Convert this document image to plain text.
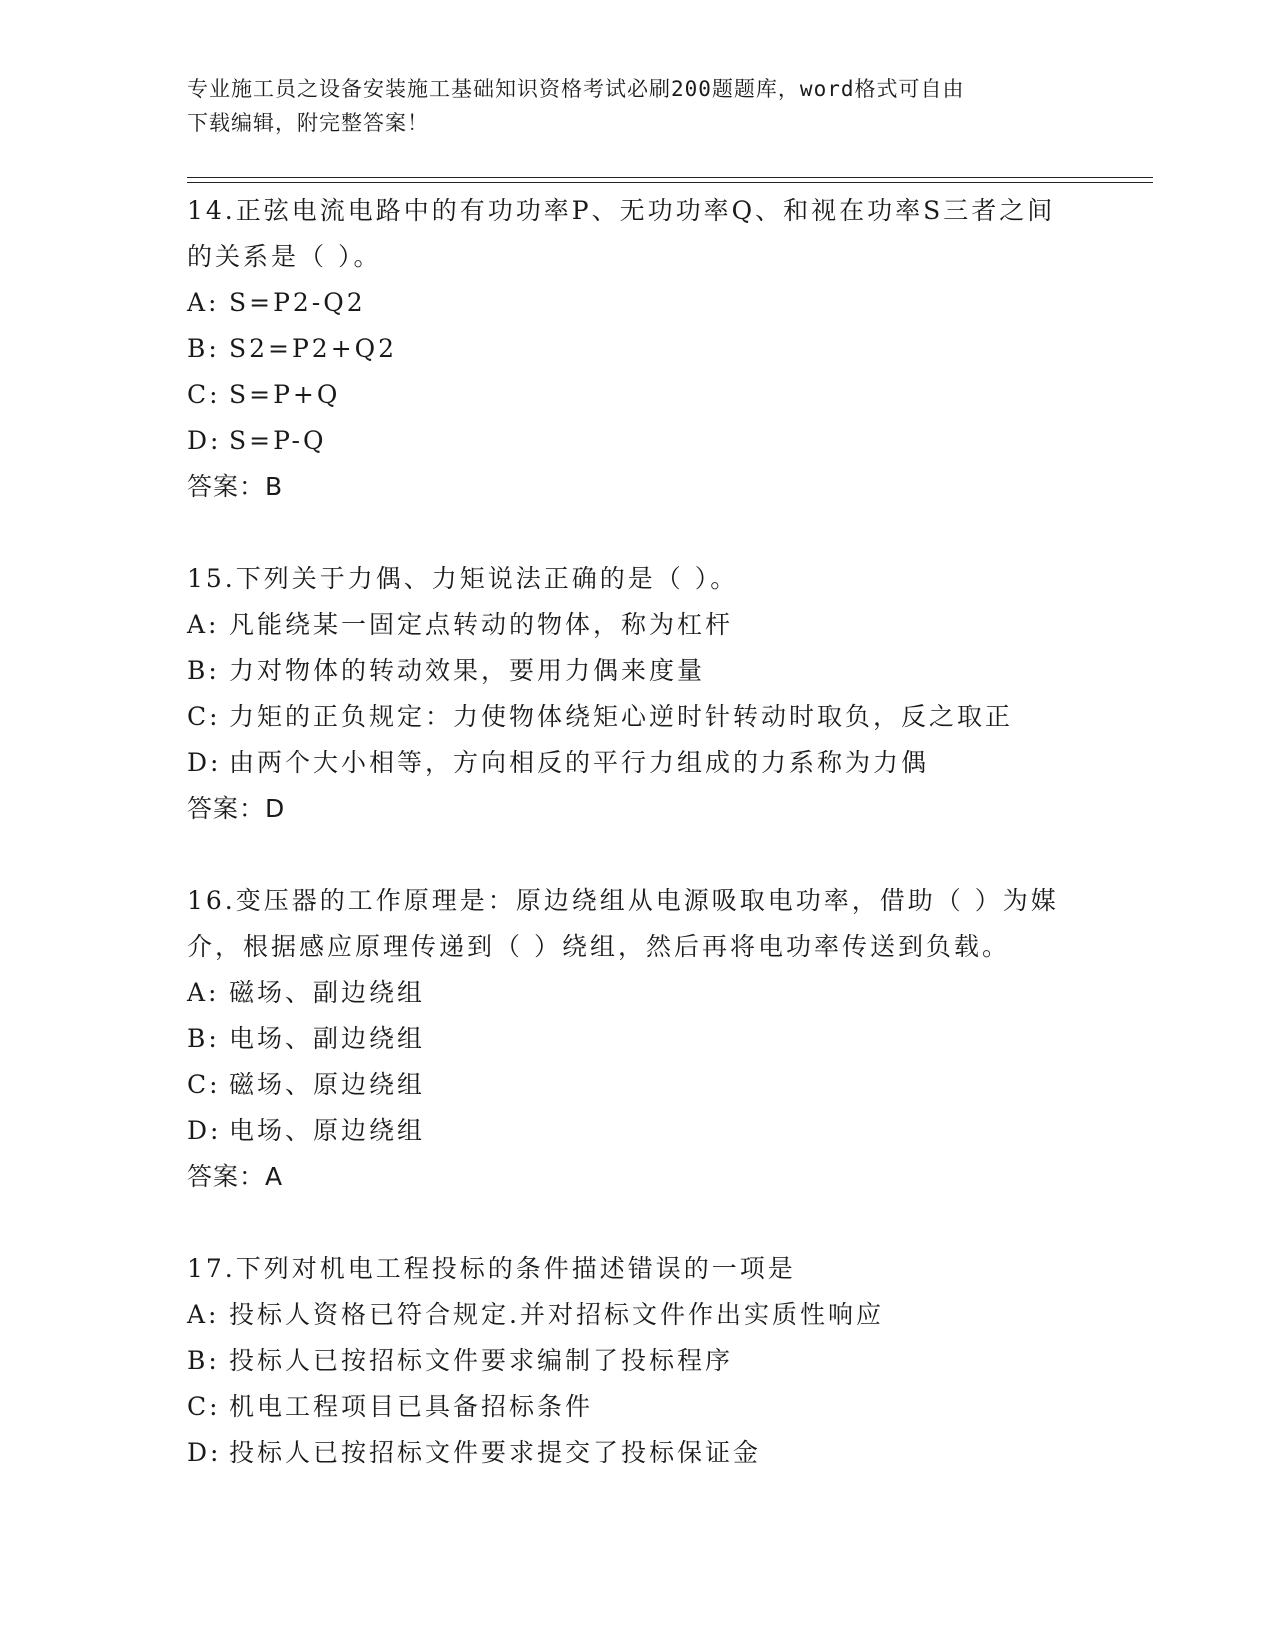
专业施工员之设备安装施工基础知识资格考试必刷200题题库，word格式可自由
下载编辑，附完整答案！

14.正弦电流电路中的有功功率P、无功功率Q、和视在功率S三者之间的关系是（ ）。

A: S=P2-Q2

B: S2=P2+Q2

C: S=P+Q

D: S=P-Q

答案：B

15.下列关于力偶、力矩说法正确的是（ ）。

A: 凡能绕某一固定点转动的物体，称为杠杆

B: 力对物体的转动效果，要用力偶来度量

C: 力矩的正负规定：力使物体绕矩心逆时针转动时取负，反之取正

D: 由两个大小相等，方向相反的平行力组成的力系称为力偶

答案：D

16.变压器的工作原理是：原边绕组从电源吸取电功率，借助（ ）为媒介，根据感应原理传递到（ ）绕组，然后再将电功率传送到负载。

A: 磁场、副边绕组

B: 电场、副边绕组

C: 磁场、原边绕组

D: 电场、原边绕组

答案：A

17.下列对机电工程投标的条件描述错误的一项是

A: 投标人资格已符合规定.并对招标文件作出实质性响应

B: 投标人已按招标文件要求编制了投标程序

C: 机电工程项目已具备招标条件

D: 投标人已按招标文件要求提交了投标保证金
